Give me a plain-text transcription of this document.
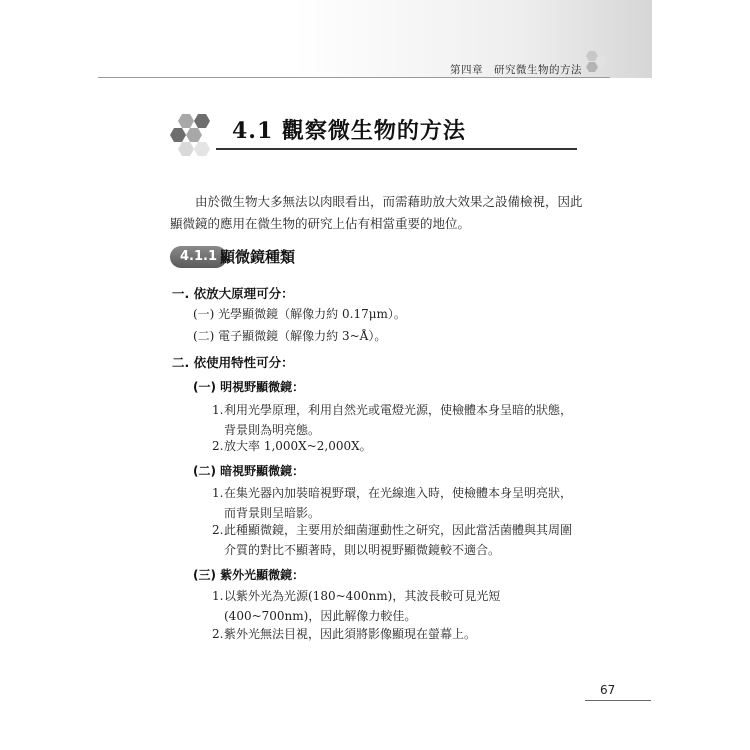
第四章　研究微生物的方法
4.1 觀察微生物的方法
由於微生物大多無法以肉眼看出，而需藉助放大效果之設備檢視，因此顯微鏡的應用在微生物的研究上佔有相當重要的地位。
4.1.1 顯微鏡種類
一. 依放大原理可分：
(一) 光學顯微鏡（解像力約 0.17μm）。
(二) 電子顯微鏡（解像力約 3~Å）。
二. 依使用特性可分：
(一) 明視野顯微鏡：
1. 利用光學原理，利用自然光或電燈光源，使檢體本身呈暗的狀態，背景則為明亮態。
2. 放大率 1,000X~2,000X。
(二) 暗視野顯微鏡：
1. 在集光器內加裝暗視野環，在光線進入時，使檢體本身呈明亮狀，而背景則呈暗影。
2. 此種顯微鏡，主要用於細菌運動性之研究，因此當活菌體與其周圍介質的對比不顯著時，則以明視野顯微鏡較不適合。
(三) 紫外光顯微鏡：
1. 以紫外光為光源(180~400nm)，其波長較可見光短(400~700nm)，因此解像力較佳。
2. 紫外光無法目視，因此須將影像顯現在螢幕上。
67
